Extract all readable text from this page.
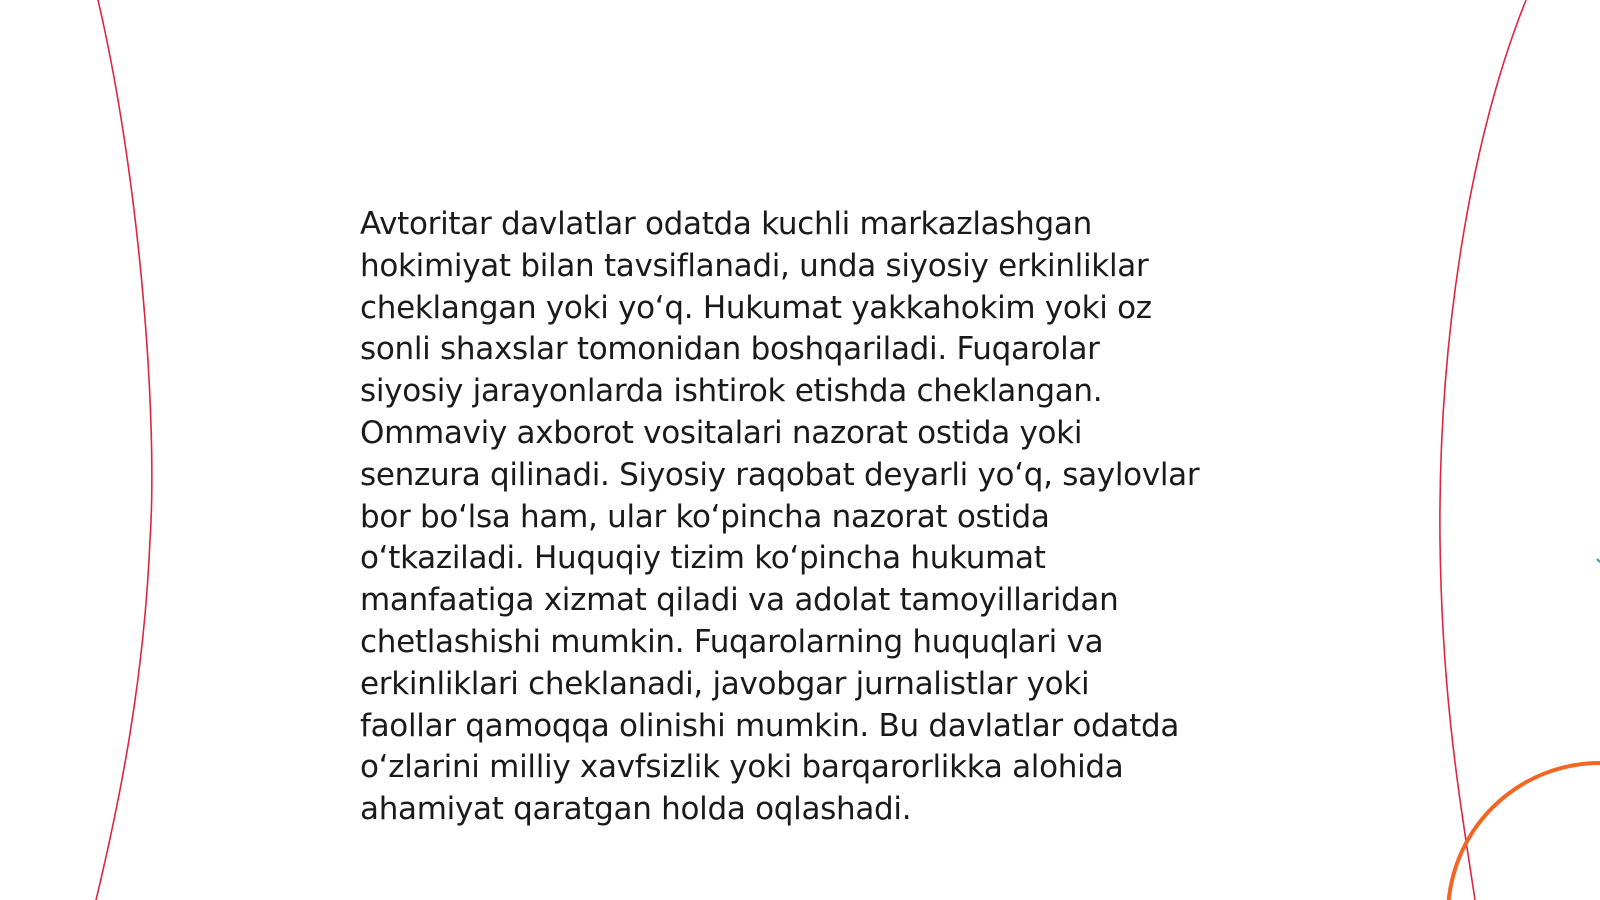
Avtoritar davlatlar odatda kuchli markazlashgan
hokimiyat bilan tavsiflanadi, unda siyosiy erkinliklar
cheklangan yoki yo‘q. Hukumat yakkahokim yoki oz
sonli shaxslar tomonidan boshqariladi. Fuqarolar
siyosiy jarayonlarda ishtirok etishda cheklangan.
Ommaviy axborot vositalari nazorat ostida yoki
senzura qilinadi. Siyosiy raqobat deyarli yo‘q, saylovlar
bor bo‘lsa ham, ular ko‘pincha nazorat ostida
o‘tkaziladi. Huquqiy tizim ko‘pincha hukumat
manfaatiga xizmat qiladi va adolat tamoyillaridan
chetlashishi mumkin. Fuqarolarning huquqlari va
erkinliklari cheklanadi, javobgar jurnalistlar yoki
faollar qamoqqa olinishi mumkin. Bu davlatlar odatda
o‘zlarini milliy xavfsizlik yoki barqarorlikka alohida
ahamiyat qaratgan holda oqlashadi.
